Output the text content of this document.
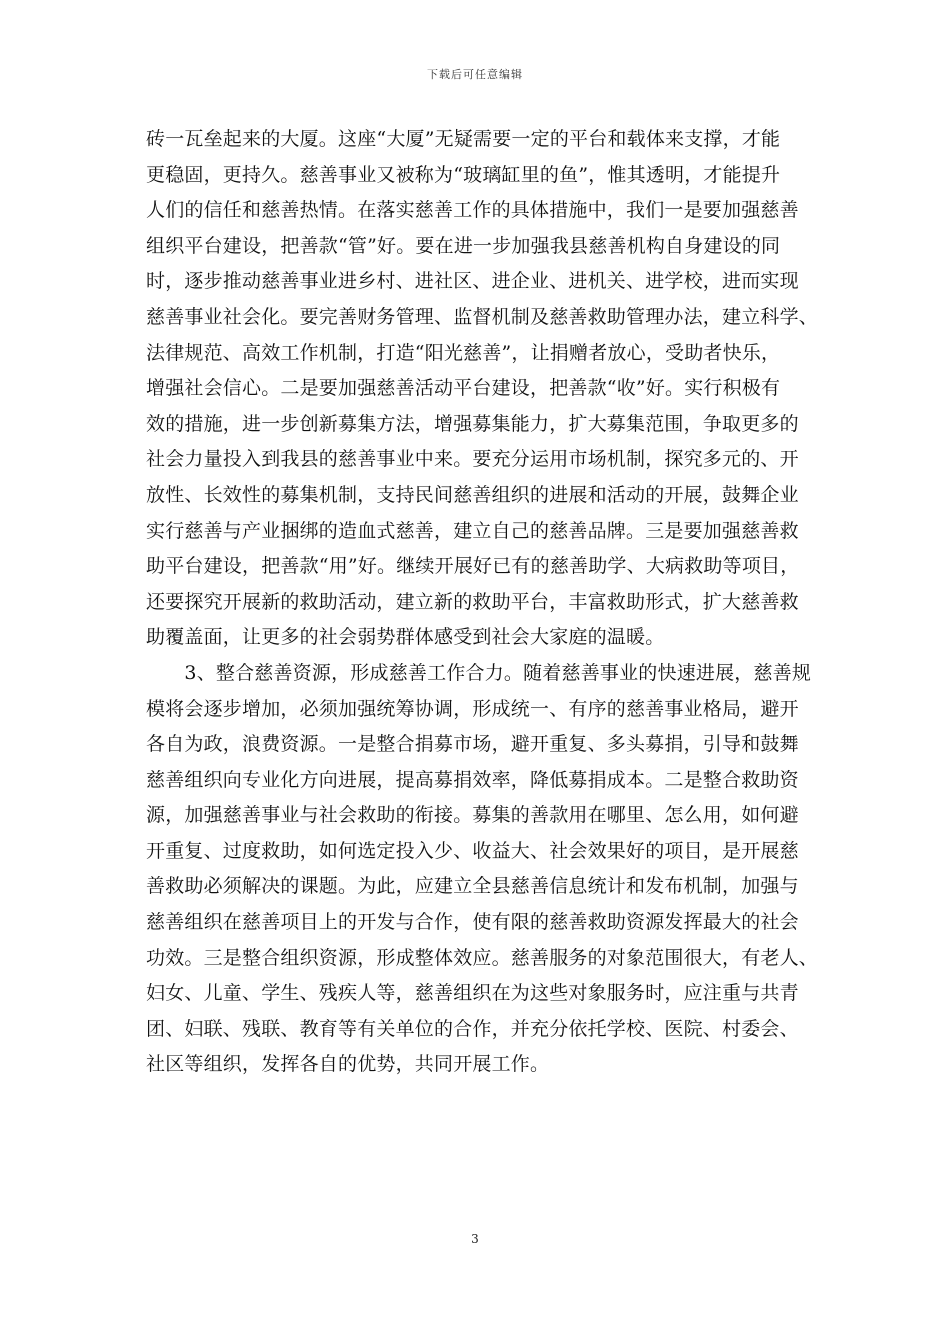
下载后可任意编辑
砖一瓦垒起来的大厦。这座“大厦”无疑需要一定的平台和载体来支撑，才能
更稳固，更持久。慈善事业又被称为“玻璃缸里的鱼”，惟其透明，才能提升
人们的信任和慈善热情。在落实慈善工作的具体措施中，我们一是要加强慈善
组织平台建设，把善款“管”好。要在进一步加强我县慈善机构自身建设的同
时，逐步推动慈善事业进乡村、进社区、进企业、进机关、进学校，进而实现
慈善事业社会化。要完善财务管理、监督机制及慈善救助管理办法，建立科学、
法律规范、高效工作机制，打造“阳光慈善”，让捐赠者放心，受助者快乐，
增强社会信心。二是要加强慈善活动平台建设，把善款“收”好。实行积极有
效的措施，进一步创新募集方法，增强募集能力，扩大募集范围，争取更多的
社会力量投入到我县的慈善事业中来。要充分运用市场机制，探究多元的、开
放性、长效性的募集机制，支持民间慈善组织的进展和活动的开展，鼓舞企业
实行慈善与产业捆绑的造血式慈善，建立自己的慈善品牌。三是要加强慈善救
助平台建设，把善款“用”好。继续开展好已有的慈善助学、大病救助等项目，
还要探究开展新的救助活动，建立新的救助平台，丰富救助形式，扩大慈善救
助覆盖面，让更多的社会弱势群体感受到社会大家庭的温暖。
　　3、整合慈善资源，形成慈善工作合力。随着慈善事业的快速进展，慈善规
模将会逐步增加，必须加强统筹协调，形成统一、有序的慈善事业格局，避开
各自为政，浪费资源。一是整合捐募市场，避开重复、多头募捐，引导和鼓舞
慈善组织向专业化方向进展，提高募捐效率，降低募捐成本。二是整合救助资
源，加强慈善事业与社会救助的衔接。募集的善款用在哪里、怎么用，如何避
开重复、过度救助，如何选定投入少、收益大、社会效果好的项目，是开展慈
善救助必须解决的课题。为此，应建立全县慈善信息统计和发布机制，加强与
慈善组织在慈善项目上的开发与合作，使有限的慈善救助资源发挥最大的社会
功效。三是整合组织资源，形成整体效应。慈善服务的对象范围很大，有老人、
妇女、儿童、学生、残疾人等，慈善组织在为这些对象服务时，应注重与共青
团、妇联、残联、教育等有关单位的合作，并充分依托学校、医院、村委会、
社区等组织，发挥各自的优势，共同开展工作。
3
